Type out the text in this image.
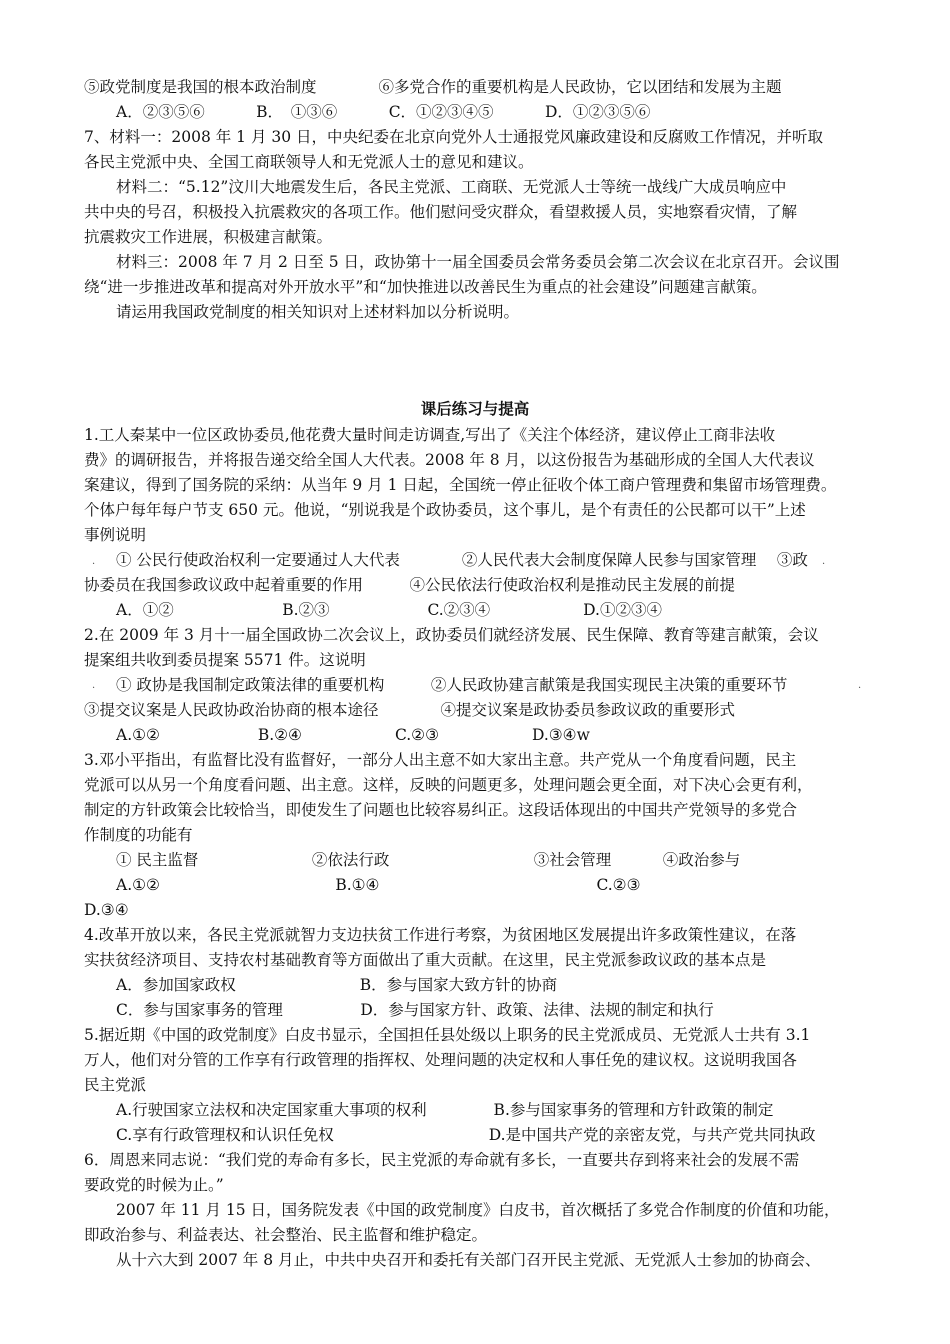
⑤政党制度是我国的根本政治制度　　　　⑥多党合作的重要机构是人民政协，它以团结和发展为主题
A．②③⑤⑥　　　 B．　①③⑥　　　 C．①②③④⑤　　　 D．①②③⑤⑥
7、材料一：2008 年 1 月 30 日，中央纪委在北京向党外人士通报党风廉政建设和反腐败工作情况，并听取
各民主党派中央、全国工商联领导人和无党派人士的意见和建议。
材料二：“5.12”汶川大地震发生后，各民主党派、工商联、无党派人士等统一战线广大成员响应中
共中央的号召，积极投入抗震救灾的各项工作。他们慰问受灾群众，看望救援人员，实地察看灾情，了解
抗震救灾工作进展，积极建言献策。
材料三：2008 年 7 月 2 日至 5 日，政协第十一届全国委员会常务委员会第二次会议在北京召开。会议围
绕“进一步推进改革和提高对外开放水平”和“加快推进以改善民生为重点的社会建设”问题建言献策。
请运用我国政党制度的相关知识对上述材料加以分析说明。
课后练习与提高
1.工人秦某中一位区政协委员,他花费大量时间走访调查,写出了《关注个体经济，建议停止工商非法收
费》的调研报告，并将报告递交给全国人大代表。2008 年 8 月，以这份报告为基础形成的全国人大代表议
案建议，得到了国务院的采纳：从当年 9 月 1 日起，全国统一停止征收个体工商户管理费和集留市场管理费。
个体户每年每户节支 650 元。他说，“别说我是个政协委员，这个事儿，是个有责任的公民都可以干”上述
事例说明
· ① 公民行使政治权利一定要通过人大代表　　　　②人民代表大会制度保障人民参与国家管理　 ③政 ·
协委员在我国参政议政中起着重要的作用　　　④公民依法行使政治权利是推动民主发展的前提
A．①②　　　　　　　B.②③　　　　　　 C.②③④　　　　　　D.①②③④
2.在 2009 年 3 月十一届全国政协二次会议上，政协委员们就经济发展、民生保障、教育等建言献策，会议
提案组共收到委员提案 5571 件。这说明
· ① 政协是我国制定政策法律的重要机构　　　②人民政协建言献策是我国实现民主决策的重要环节	·
③提交议案是人民政协政治协商的根本途径　　　　④提交议案是政协委员参政议政的重要形式
A.①②　　　　　　 B.②④　　　　　　C.②③　　　　　　D.③④w
3.邓小平指出，有监督比没有监督好，一部分人出主意不如大家出主意。共产党从一个角度看问题，民主
党派可以从另一个角度看问题、出主意。这样，反映的问题更多，处理问题会更全面，对下决心会更有利，
制定的方针政策会比较恰当，即使发生了问题也比较容易纠正。这段话体现出的中国共产党领导的多党合
作制度的功能有
① 民主监督　　　　　　　 ②依法行政　　　　　　　　　 ③社会管理　　　 ④政治参与
A.①②　　　　　　　　　　　 B.①④　　　　　　　　　　　　　　C.②③
D.③④
4.改革开放以来，各民主党派就智力支边扶贫工作进行考察，为贫困地区发展提出许多政策性建议，在落
实扶贫经济项目、支持农村基础教育等方面做出了重大贡献。在这里，民主党派参政议政的基本点是
A．参加国家政权　　　　　　　　B．参与国家大致方针的协商
C．参与国家事务的管理　　　　　D．参与国家方针、政策、法律、法规的制定和执行
5.据近期《中国的政党制度》白皮书显示，全国担任县处级以上职务的民主党派成员、无党派人士共有 3.1
万人，他们对分管的工作享有行政管理的指挥权、处理问题的决定权和人事任免的建议权。这说明我国各
民主党派
A.行驶国家立法权和决定国家重大事项的权利　　　　 B.参与国家事务的管理和方针政策的制定
C.享有行政管理权和认识任免权　　　　　　　　　　D.是中国共产党的亲密友党，与共产党共同执政
6．周恩来同志说：“我们党的寿命有多长，民主党派的寿命就有多长，一直要共存到将来社会的发展不需
要政党的时候为止。”
2007 年 11 月 15 日，国务院发表《中国的政党制度》白皮书，首次概括了多党合作制度的价值和功能，
即政治参与、利益表达、社会整治、民主监督和维护稳定。
从十六大到 2007 年 8 月止，中共中央召开和委托有关部门召开民主党派、无党派人士参加的协商会、
